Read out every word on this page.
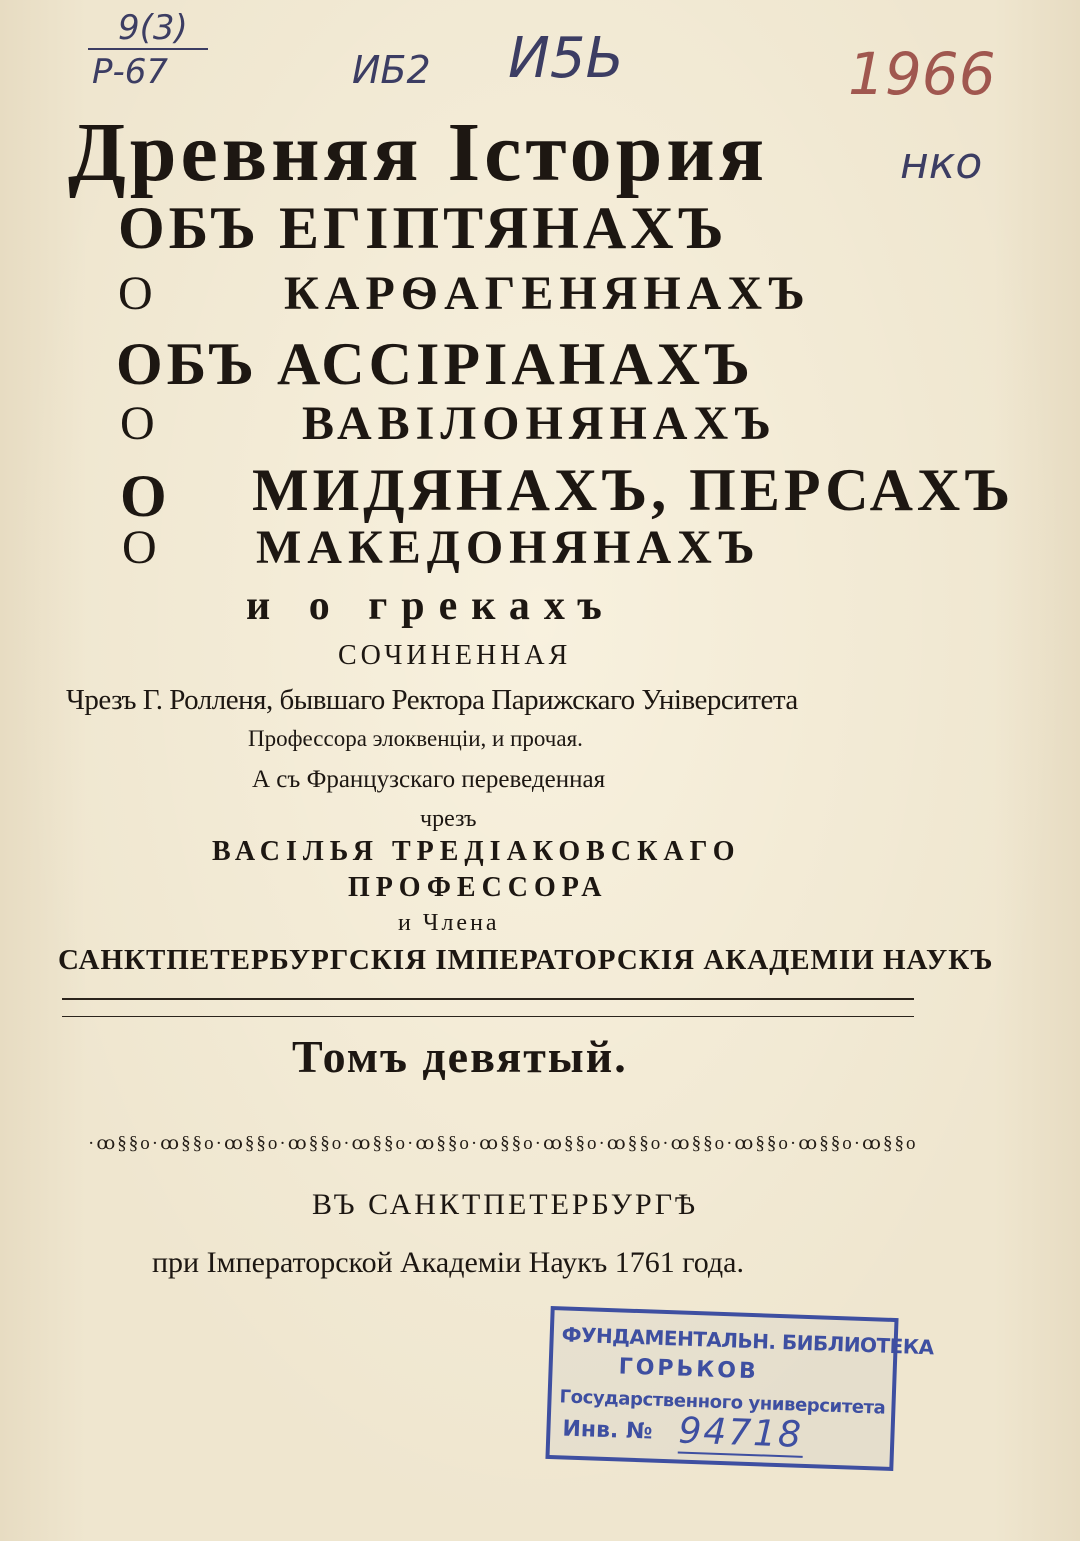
9(3)
Р-67	ИБ2 И5Ь	1966
нко
Древняя Істория
ОБЪ ЕГІПТЯНАХЪ
О	КАРѲАГЕНЯНАХЪ
ОБЪ АССІРІАНАХЪ
О	ВАВІЛОНЯНАХЪ
О МИДЯНАХЪ, ПЕРСАХЪ
О МАКЕДОНЯНАХЪ
и о грекахъ
СОЧИНЕННАЯ
Чрезъ Г. Ролленя, бывшаго Ректора Парижскаго Університета
Профессора элоквенціи, и прочая.
А съ Французскаго переведенная
чрезъ
ВАСІЛЬЯ ТРЕДІАКОВСКАГО
ПРОФЕССОРА
и Члена
САНКТПЕТЕРБУРГСКІЯ ІМПЕРАТОРСКІЯ АКАДЕМІИ НАУКЪ
Томъ девятый.
·ꝏ§§o·ꝏ§§o·ꝏ§§o·ꝏ§§o·ꝏ§§o·ꝏ§§o·ꝏ§§o·ꝏ§§o·ꝏ§§o·ꝏ§§o·ꝏ§§o·ꝏ§§o·ꝏ§§o
ВЪ САНКТПЕТЕРБУРГѢ
при Імператорской Академіи Наукъ 1761 года.
ФУНДАМЕНТАЛЬН. БИБЛИОТЕКА
ГОРЬКОВ
Государственного университета
Инв. № 94718
